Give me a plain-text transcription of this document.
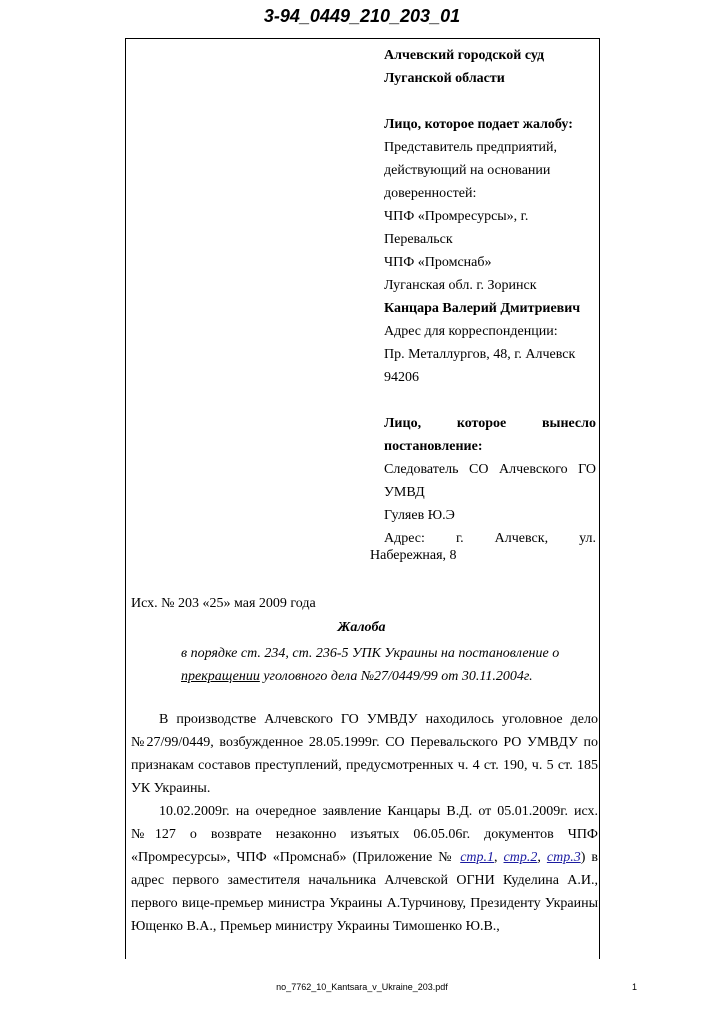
3-94_0449_210_203_01
Алчевский городской суд
Луганской области
Лицо, которое подает жалобу:
Представитель предприятий,
действующий на основании
доверенностей:
ЧПФ «Промресурсы», г.
Перевальск
ЧПФ «Промснаб»
Луганская обл. г. Зоринск
Канцара Валерий Дмитриевич
Адрес для корреспонденции:
Пр. Металлургов, 48, г. Алчевск
94206
Лицо,	которое	вынесло
постановление:
Следователь СО Алчевского ГО
УМВД
Гуляев Ю.Э
Адрес: г. Алчевск, ул.
Набережная, 8
Исх. № 203 «25» мая 2009 года
Жалоба
в порядке ст. 234, ст. 236-5 УПК Украины на постановление о
прекращении уголовного дела №27/0449/99 от 30.11.2004г.

В производстве Алчевского ГО УМВДУ находилось уголовное дело №27/99/0449, возбужденное 28.05.1999г. СО Перевальского РО УМВДУ по признакам составов преступлений, предусмотренных ч. 4 ст. 190, ч. 5 ст. 185 УК Украины.

10.02.2009г. на очередное заявление Канцары В.Д. от 05.01.2009г. исх.№127 о возврате незаконно изъятых 06.05.06г. документов ЧПФ «Промресурсы», ЧПФ «Промснаб» (Приложение № стр.1, стр.2, стр.3) в адрес первого заместителя начальника Алчевской ОГНИ Куделина А.И., первого вице-премьер министра Украины А.Турчинову, Президенту Украины Ющенко В.А., Премьер министру Украины Тимошенко Ю.В.,

no_7762_10_Kantsara_v_Ukraine_203.pdf	1
